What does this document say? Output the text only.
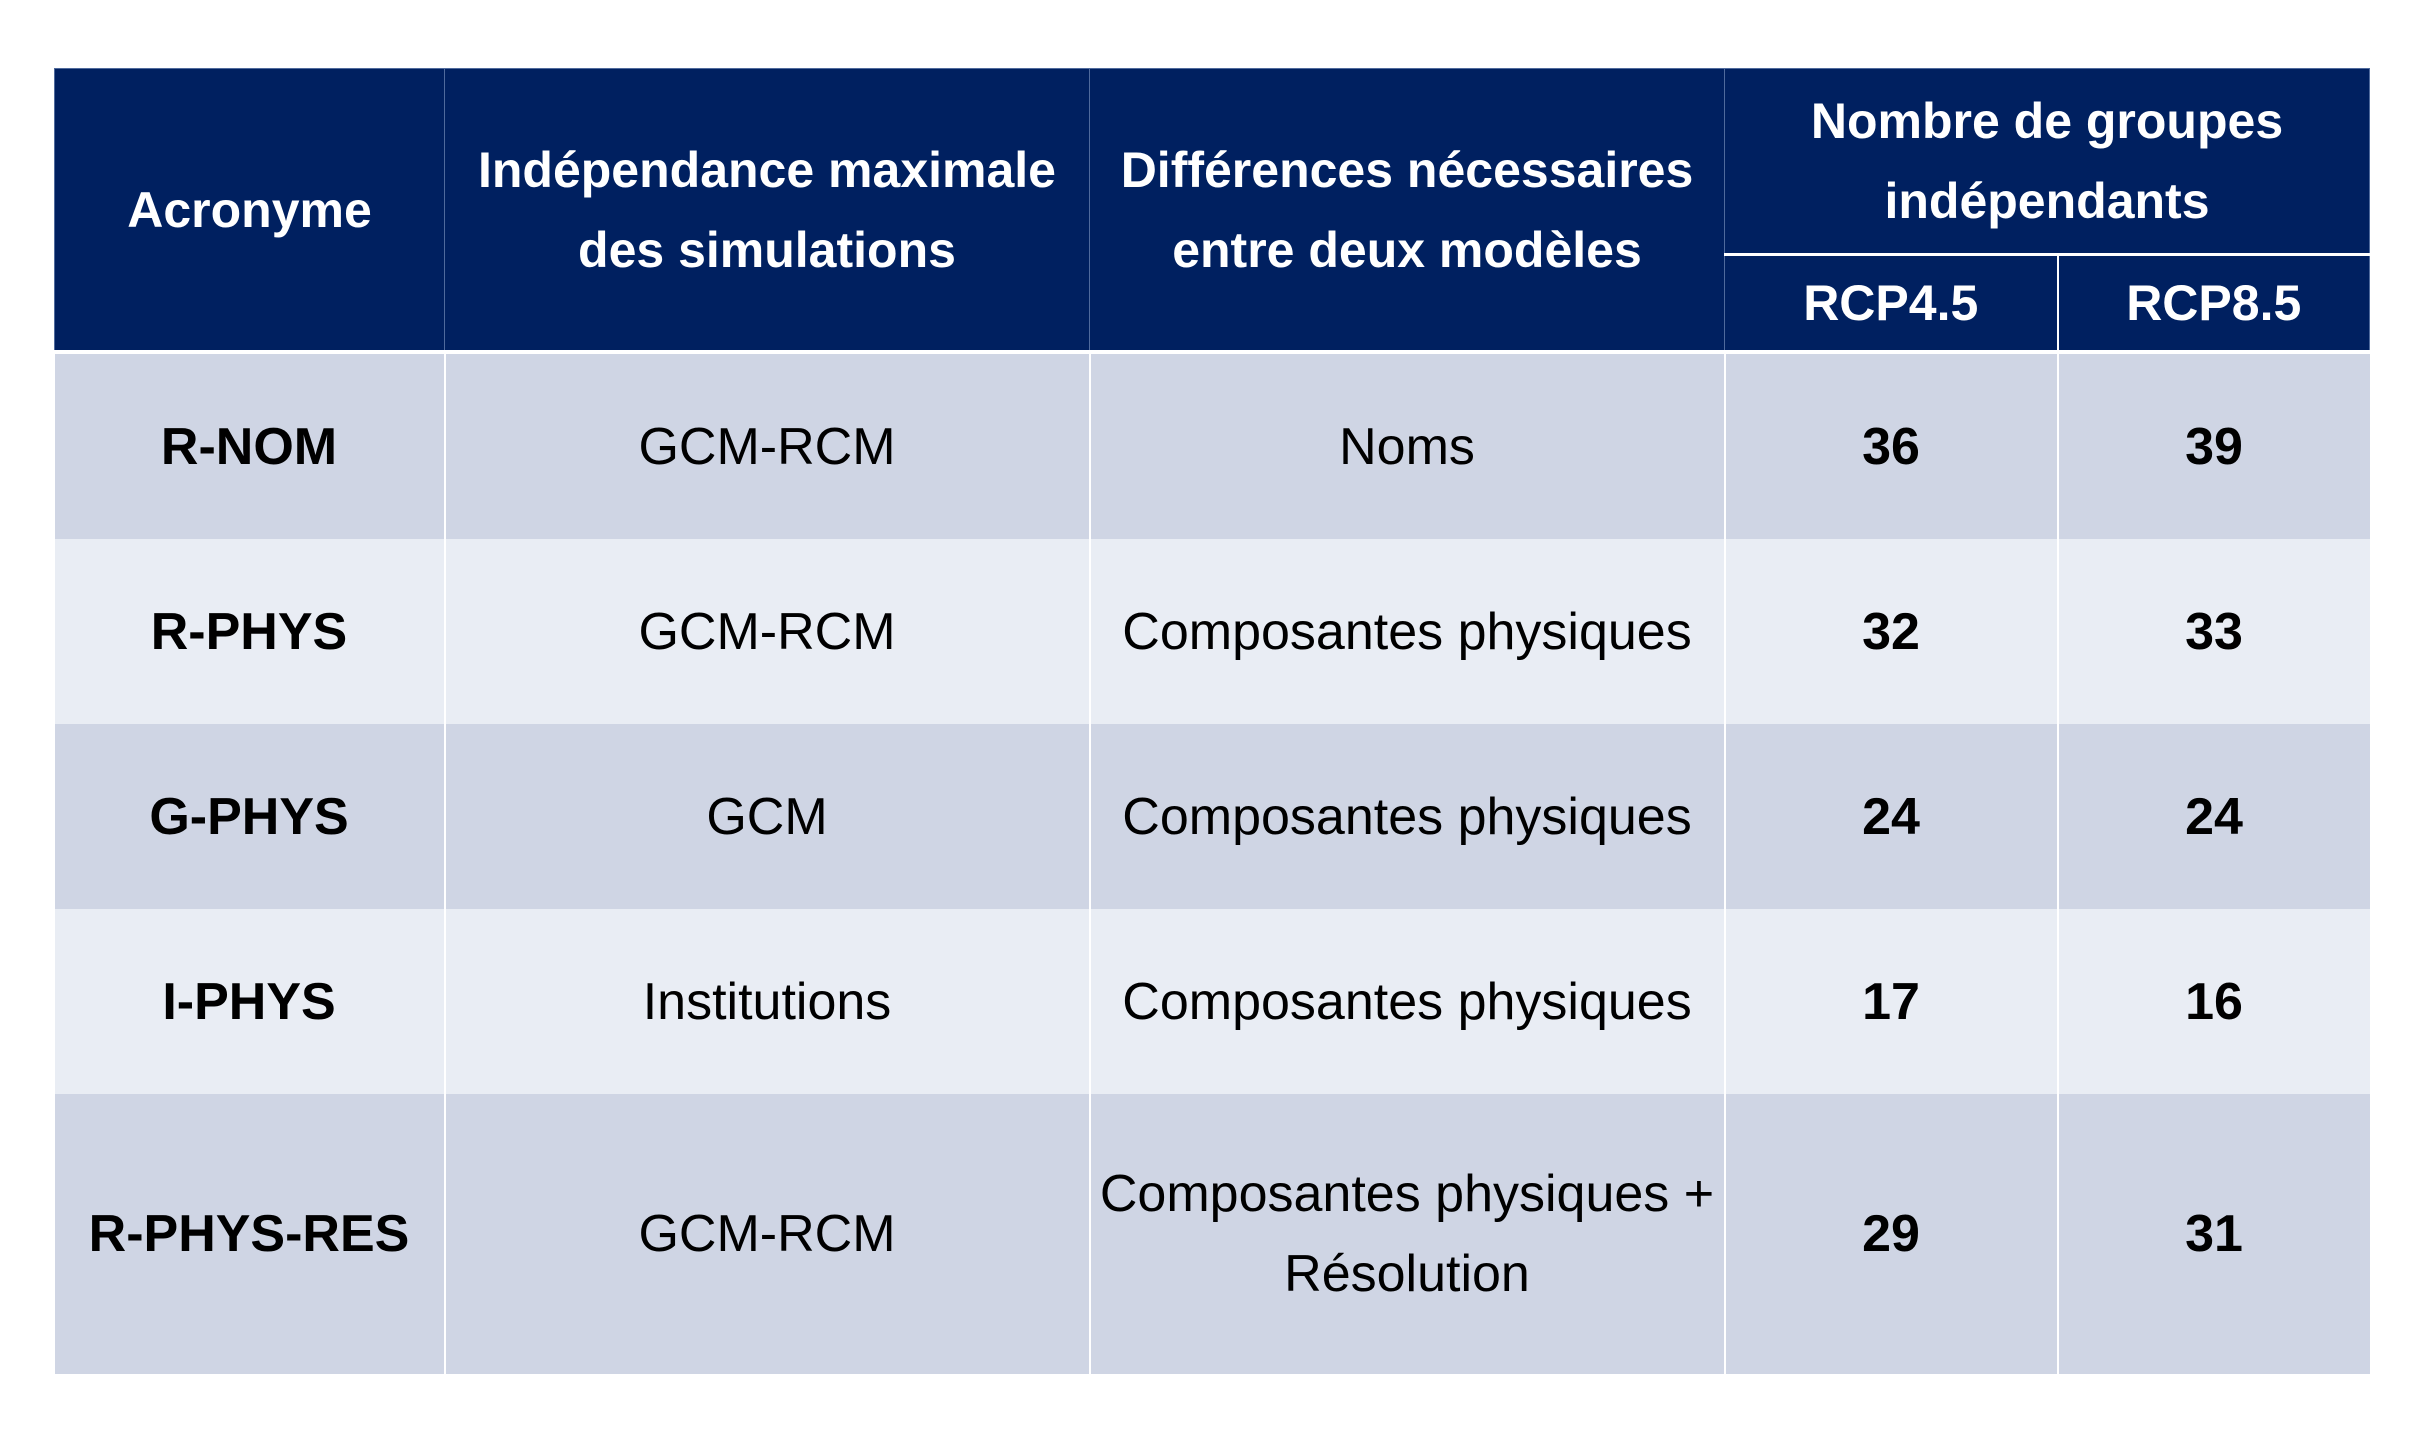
Acronyme	Indépendance maximale des simulations	Différences nécessaires entre deux modèles	Nombre de groupes indépendants	
			RCP4.5	RCP8.5
R-NOM	GCM-RCM	Noms	36	39
R-PHYS	GCM-RCM	Composantes physiques	32	33
G-PHYS	GCM	Composantes physiques	24	24
I-PHYS	Institutions	Composantes physiques	17	16
R-PHYS-RES	GCM-RCM	Composantes physiques + Résolution	29	31
